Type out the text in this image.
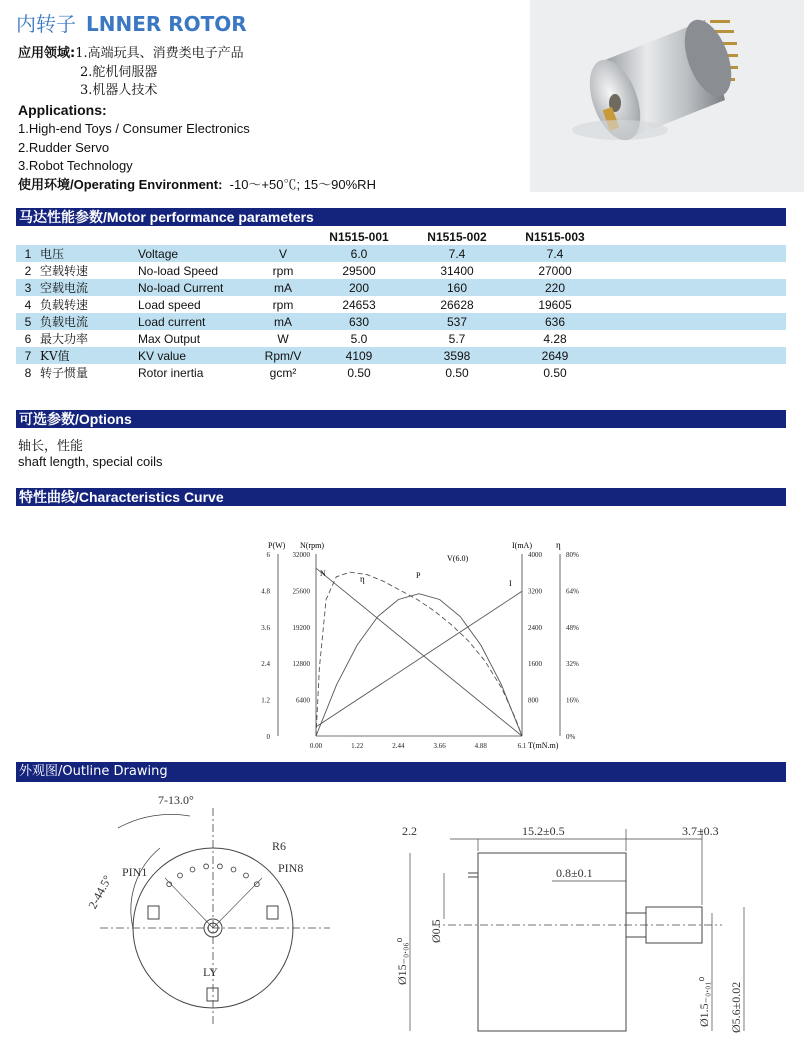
内转子 LNNER ROTOR
应用领域:1.高端玩具、消费类电子产品
2.舵机伺服器
3.机器人技术
Applications:
1.High-end Toys / Consumer Electronics
2.Rudder Servo
3.Robot Technology
使用环境/Operating Environment: -10～+50℃; 15～90%RH
马达性能参数/Motor performance parameters
				N1515-001	N1515-002	N1515-003	
1	电压	Voltage	V	6.0	7.4	7.4	
2	空载转速	No-load Speed	rpm	29500	31400	27000	
3	空载电流	No-load Current	mA	200	160	220	
4	负载转速	Load speed	rpm	24653	26628	19605	
5	负载电流	Load current	mA	630	537	636	
6	最大功率	Max Output	W	5.0	5.7	4.28	
7	KV值	KV value	Rpm/V	4109	3598	2649	
8	转子惯量	Rotor inertia	gcm²	0.50	0.50	0.50	
可选参数/Options
轴长，性能
shaft length, special coils
特性曲线/Characteristics Curve
6
4.8
3.6
2.4
1.2
0
32000
25600
19200
12800
6400
4000
3200
2400
1600
800
80%
64%
48%
32%
16%
0%
0.00	1.22	2.44	3.66	4.88	6.1
P(W) N(rpm)	I(mA)	η
V(6.0)
T(mN.m)
N
η	P
I
外观图/Outline Drawing
7-13.0°
2-44.5°
PIN1	PIN8
R6
LY
2.2	15.2±0.5	3.7±0.3
0.8±0.1
Ø15₋₀.₀₆⁰
Ø0.5
Ø1.5₋₀.₀₁⁰ Ø5.6±0.02
